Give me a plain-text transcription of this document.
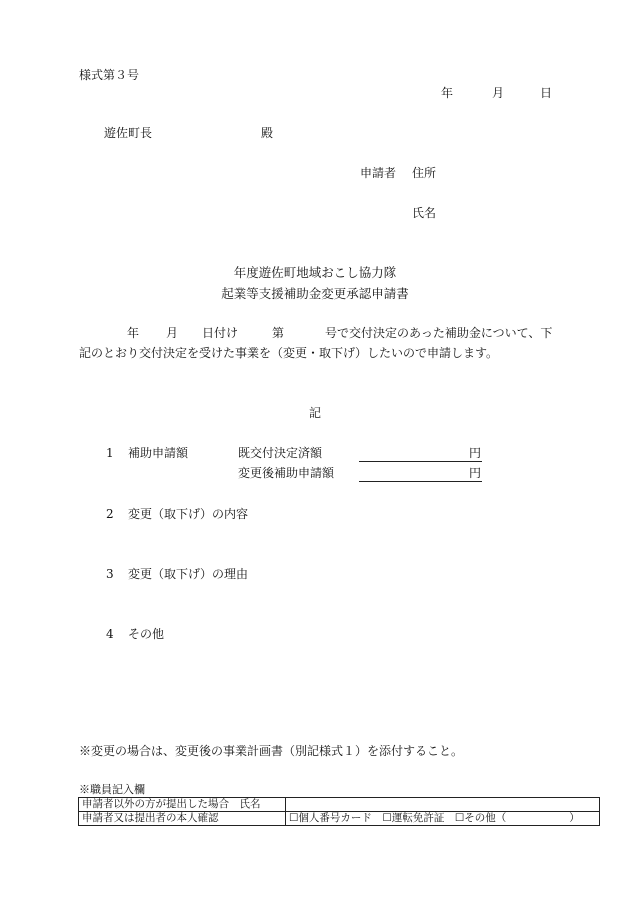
様式第３号
年	月	日
遊佐町長	殿
申請者 住所
氏名
年度遊佐町地域おこし協力隊
起業等支援補助金変更承認申請書
年 月 日付け	第	号で交付決定のあった補助金について、下
記のとおり交付決定を受けた事業を（変更・取下げ）したいので申請します。
記
1 補助申請額	既交付決定済額	円
変更後補助申請額	円
2 変更（取下げ）の内容
3 変更（取下げ）の理由
4 その他
※変更の場合は、変更後の事業計画書（別記様式１）を添付すること。
※職員記入欄
申請者以外の方が提出した場合　氏名	
申請者又は提出者の本人確認	☐個人番号カード　☐運転免許証　☐その他（　　　　　　）
